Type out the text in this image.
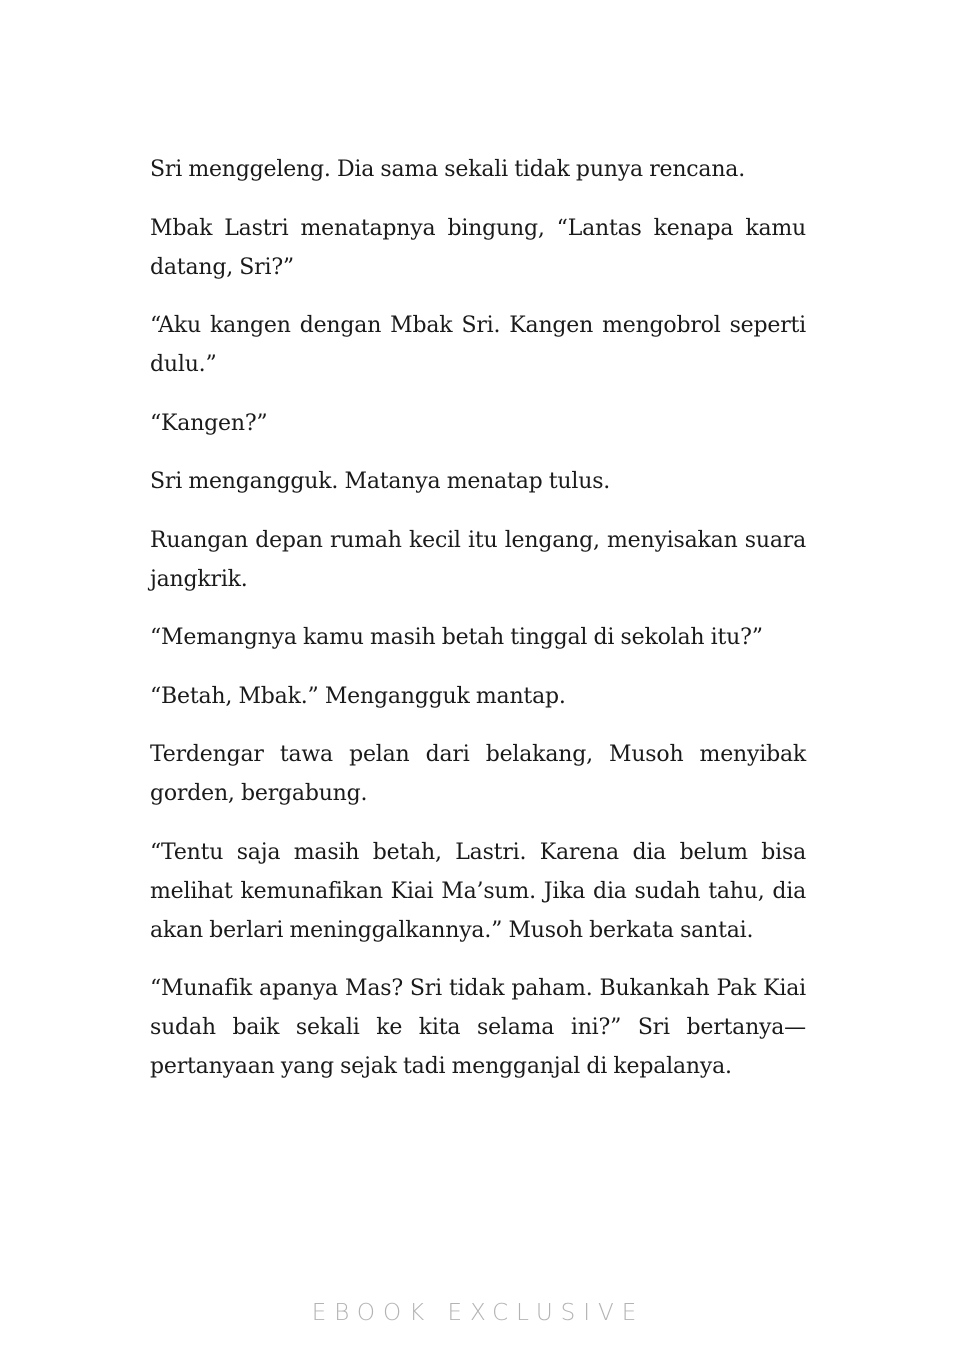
Sri menggeleng. Dia sama sekali tidak punya rencana.

Mbak Lastri menatapnya bingung, “Lantas kenapa kamu datang, Sri?”

“Aku kangen dengan Mbak Sri. Kangen mengobrol seperti dulu.”

“Kangen?”

Sri mengangguk. Matanya menatap tulus.

Ruangan depan rumah kecil itu lengang, menyisakan suara jangkrik.

“Memangnya kamu masih betah tinggal di sekolah itu?”

“Betah, Mbak.” Mengangguk mantap.

Terdengar tawa pelan dari belakang, Musoh menyibak gorden, bergabung.

“Tentu saja masih betah, Lastri. Karena dia belum bisa melihat kemunafikan Kiai Ma’sum. Jika dia sudah tahu, dia akan berlari meninggalkannya.” Musoh berkata santai.

“Munafik apanya Mas? Sri tidak paham. Bukankah Pak Kiai sudah baik sekali ke kita selama ini?” Sri bertanya—pertanyaan yang sejak tadi mengganjal di kepalanya.

EBOOK EXCLUSIVE
